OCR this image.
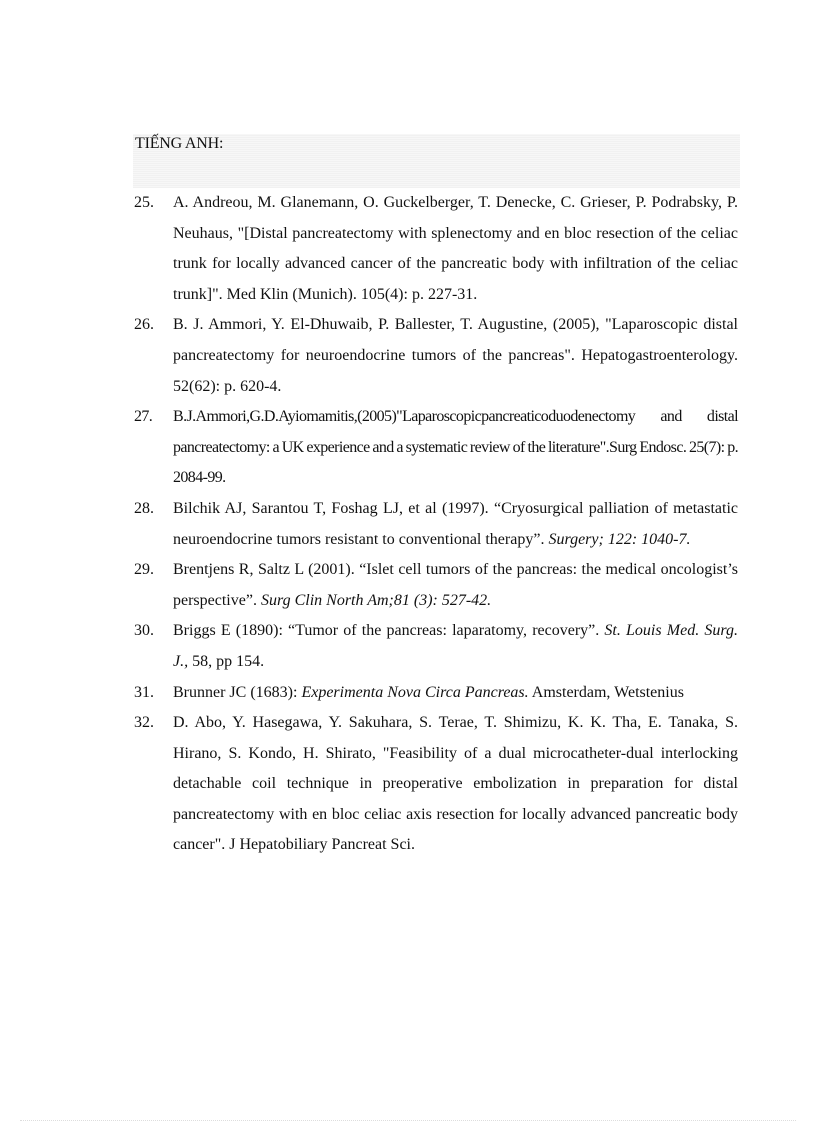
TIẾNG ANH:
25. A. Andreou, M. Glanemann, O. Guckelberger, T. Denecke, C. Grieser, P. Podrabsky, P. Neuhaus, "[Distal pancreatectomy with splenectomy and en bloc resection of the celiac trunk for locally advanced cancer of the pancreatic body with infiltration of the celiac trunk]". Med Klin (Munich). 105(4): p. 227-31.
26. B. J. Ammori, Y. El-Dhuwaib, P. Ballester, T. Augustine, (2005), "Laparoscopic distal pancreatectomy for neuroendocrine tumors of the pancreas". Hepatogastroenterology. 52(62): p. 620-4.
27. B.J.Ammori,G.D.Ayiomamitis,(2005)"Laparoscopicpancreaticoduodenectomy and distal pancreatectomy: a UK experience and a systematic review of the literature".Surg Endosc. 25(7): p. 2084-99.
28. Bilchik AJ, Sarantou T, Foshag LJ, et al (1997). “Cryosurgical palliation of metastatic neuroendocrine tumors resistant to conventional therapy”. Surgery; 122: 1040-7.
29. Brentjens R, Saltz L (2001). “Islet cell tumors of the pancreas: the medical oncologist’s perspective”. Surg Clin North Am;81 (3): 527-42.
30. Briggs E (1890): “Tumor of the pancreas: laparatomy, recovery”. St. Louis Med. Surg. J., 58, pp 154.
31. Brunner JC (1683): Experimenta Nova Circa Pancreas. Amsterdam, Wetstenius
32. D. Abo, Y. Hasegawa, Y. Sakuhara, S. Terae, T. Shimizu, K. K. Tha, E. Tanaka, S. Hirano, S. Kondo, H. Shirato, "Feasibility of a dual microcatheter-dual interlocking detachable coil technique in preoperative embolization in preparation for distal pancreatectomy with en bloc celiac axis resection for locally advanced pancreatic body cancer". J Hepatobiliary Pancreat Sci.
